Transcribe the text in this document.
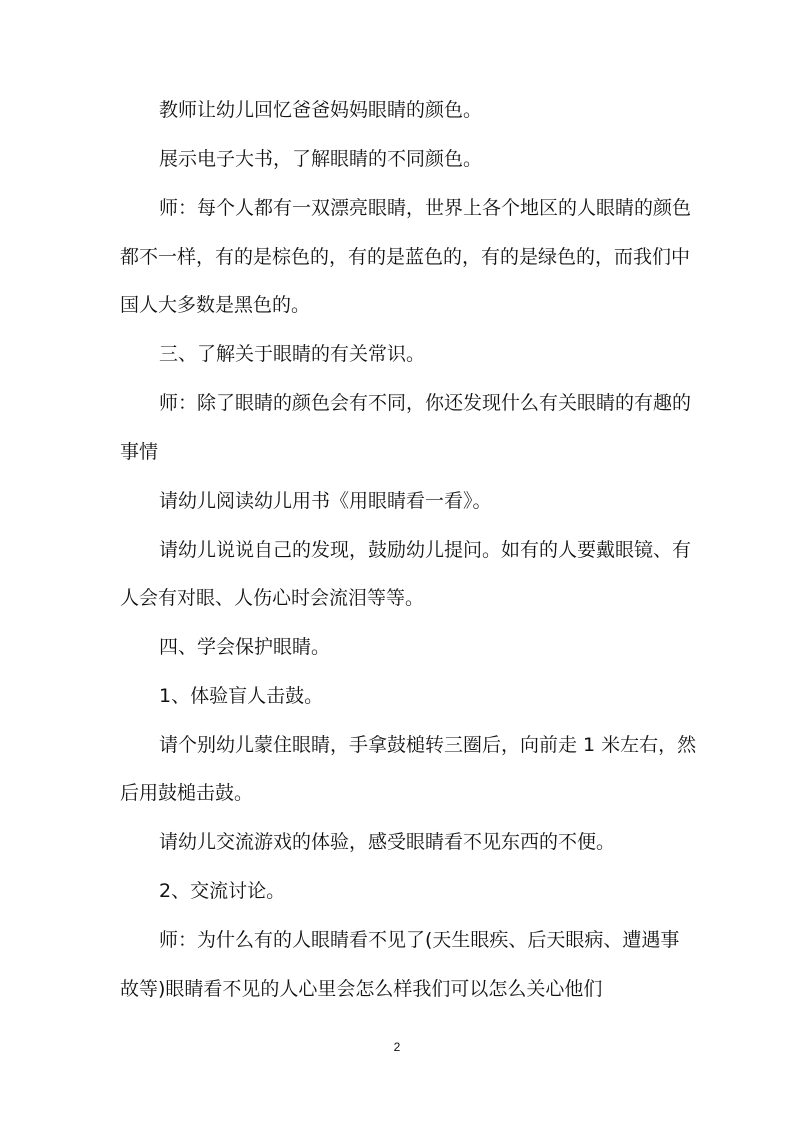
教师让幼儿回忆爸爸妈妈眼睛的颜色。
展示电子大书，了解眼睛的不同颜色。
师：每个人都有一双漂亮眼睛，世界上各个地区的人眼睛的颜色
都不一样，有的是棕色的，有的是蓝色的，有的是绿色的，而我们中
国人大多数是黑色的。
三、了解关于眼睛的有关常识。
师：除了眼睛的颜色会有不同，你还发现什么有关眼睛的有趣的
事情
请幼儿阅读幼儿用书《用眼睛看一看》。
请幼儿说说自己的发现，鼓励幼儿提问。如有的人要戴眼镜、有
人会有对眼、人伤心时会流泪等等。
四、学会保护眼睛。
1、体验盲人击鼓。
请个别幼儿蒙住眼睛，手拿鼓槌转三圈后，向前走 1 米左右，然
后用鼓槌击鼓。
请幼儿交流游戏的体验，感受眼睛看不见东西的不便。
2、交流讨论。
师：为什么有的人眼睛看不见了(天生眼疾、后天眼病、遭遇事
故等)眼睛看不见的人心里会怎么样我们可以怎么关心他们
2
